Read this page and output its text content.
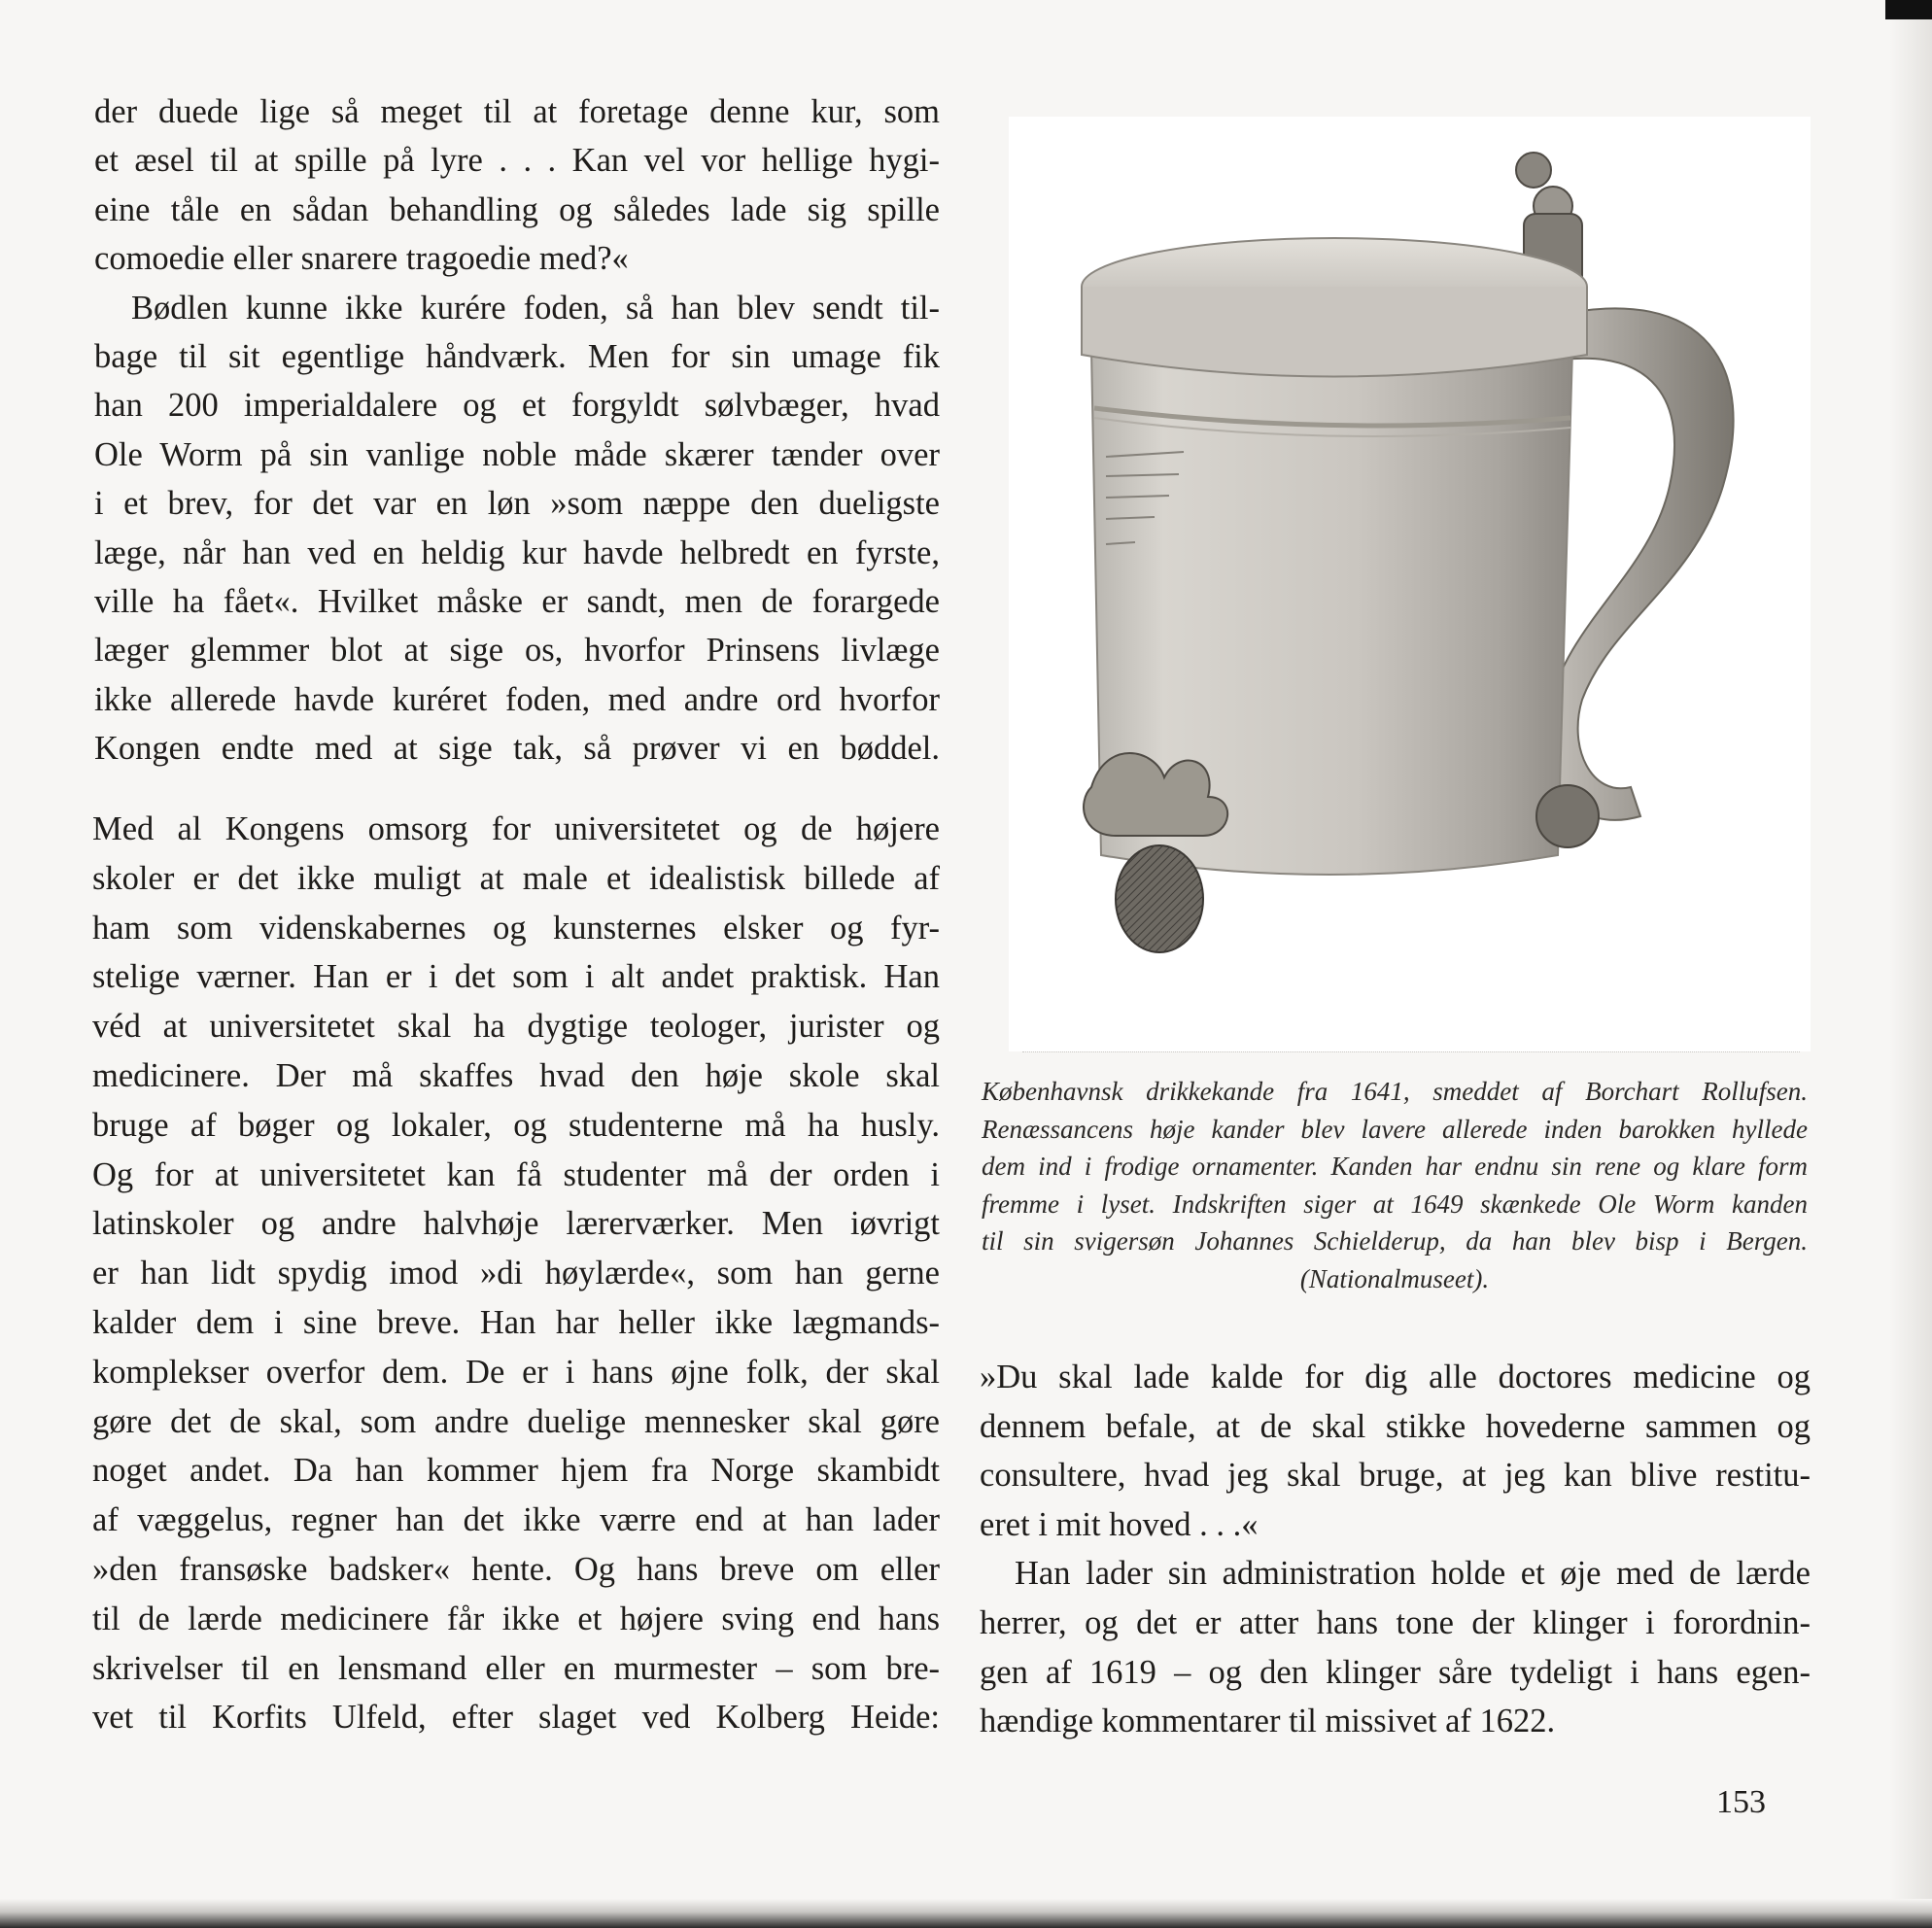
der duede lige så meget til at foretage denne kur, som
et æsel til at spille på lyre . . . Kan vel vor hellige hygi-
eine tåle en sådan behandling og således lade sig spille
comoedie eller snarere tragoedie med?«
Bødlen kunne ikke kurére foden, så han blev sendt til-
bage til sit egentlige håndværk. Men for sin umage fik
han 200 imperialdalere og et forgyldt sølvbæger, hvad
Ole Worm på sin vanlige noble måde skærer tænder over
i et brev, for det var en løn »som næppe den dueligste
læge, når han ved en heldig kur havde helbredt en fyrste,
ville ha fået«. Hvilket måske er sandt, men de forargede
læger glemmer blot at sige os, hvorfor Prinsens livlæge
ikke allerede havde kuréret foden, med andre ord hvorfor
Kongen endte med at sige tak, så prøver vi en bøddel.
Med al Kongens omsorg for universitetet og de højere
skoler er det ikke muligt at male et idealistisk billede af
ham som videnskabernes og kunsternes elsker og fyr-
stelige værner. Han er i det som i alt andet praktisk. Han
véd at universitetet skal ha dygtige teologer, jurister og
medicinere. Der må skaffes hvad den høje skole skal
bruge af bøger og lokaler, og studenterne må ha husly.
Og for at universitetet kan få studenter må der orden i
latinskoler og andre halvhøje lærerværker. Men iøvrigt
er han lidt spydig imod »di høylærde«, som han gerne
kalder dem i sine breve. Han har heller ikke lægmands-
komplekser overfor dem. De er i hans øjne folk, der skal
gøre det de skal, som andre duelige mennesker skal gøre
noget andet. Da han kommer hjem fra Norge skambidt
af væggelus, regner han det ikke værre end at han lader
»den fransøske badsker« hente. Og hans breve om eller
til de lærde medicinere får ikke et højere sving end hans
skrivelser til en lensmand eller en murmester – som bre-
vet til Korfits Ulfeld, efter slaget ved Kolberg Heide:
Københavnsk drikkekande fra 1641, smeddet af Borchart Rollufsen.
Renæssancens høje kander blev lavere allerede inden barokken hyllede
dem ind i frodige ornamenter. Kanden har endnu sin rene og klare form
fremme i lyset. Indskriften siger at 1649 skænkede Ole Worm kanden
til sin svigersøn Johannes Schielderup, da han blev bisp i Bergen.
(Nationalmuseet).
»Du skal lade kalde for dig alle doctores medicine og
dennem befale, at de skal stikke hovederne sammen og
consultere, hvad jeg skal bruge, at jeg kan blive restitu-
eret i mit hoved . . .«
Han lader sin administration holde et øje med de lærde
herrer, og det er atter hans tone der klinger i forordnin-
gen af 1619 – og den klinger såre tydeligt i hans egen-
hændige kommentarer til missivet af 1622.
153
